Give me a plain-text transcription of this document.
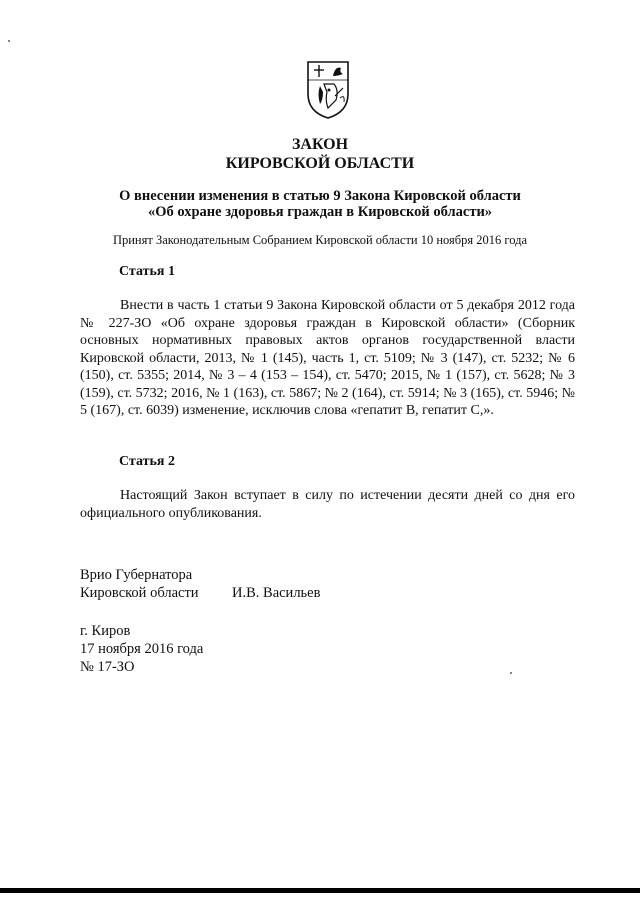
ЗАКОН
КИРОВСКОЙ ОБЛАСТИ
О внесении изменения в статью 9 Закона Кировской области
«Об охране здоровья граждан в Кировской области»
Принят Законодательным Собранием Кировской области 10 ноября 2016 года
Статья 1

Внести в часть 1 статьи 9 Закона Кировской области от 5 декабря 2012 года № 227-ЗО «Об охране здоровья граждан в Кировской области» (Сборник основных нормативных правовых актов органов государственной власти Кировской области, 2013, № 1 (145), часть 1, ст. 5109; № 3 (147), ст. 5232; № 6 (150), ст. 5355; 2014, № 3 – 4 (153 – 154), ст. 5470; 2015, № 1 (157), ст. 5628; № 3 (159), ст. 5732; 2016, № 1 (163), ст. 5867; № 2 (164), ст. 5914; № 3 (165), ст. 5946; № 5 (167), ст. 6039) изменение, исключив слова «гепатит B, гепатит C,».

Статья 2

Настоящий Закон вступает в силу по истечении десяти дней со дня его официального опубликования.

Врио Губернатора
Кировской области И.В. Васильев
г. Киров
17 ноября 2016 года
№ 17-ЗО
